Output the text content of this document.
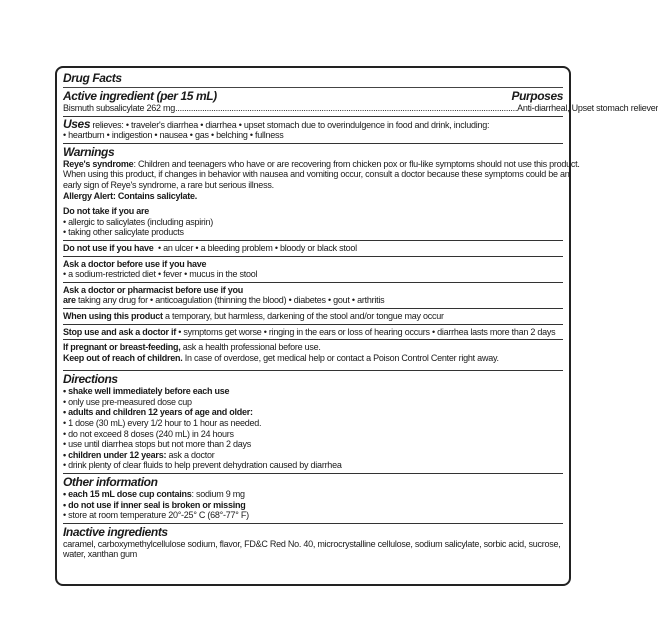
Drug Facts
Active ingredient (per 15 mL)	Purposes
Bismuth subsalicylate 262 mg ........................................................................................................................................................ Anti-diarrheal, Upset stomach reliever
Uses relieves: • traveler's diarrhea • diarrhea • upset stomach due to overindulgence in food and drink, including:
• heartburn • indigestion • nausea • gas • belching • fullness
Warnings
Reye's syndrome: Children and teenagers who have or are recovering from chicken pox or flu-like symptoms should not use this product.
When using this product, if changes in behavior with nausea and vomiting occur, consult a doctor because these symptoms could be an
early sign of Reye's syndrome, a rare but serious illness.
Allergy Alert: Contains salicylate.
Do not take if you are
• allergic to salicylates (including aspirin)
• taking other salicylate products
Do not use if you have  • an ulcer • a bleeding problem • bloody or black stool
Ask a doctor before use if you have
• a sodium-restricted diet • fever • mucus in the stool
Ask a doctor or pharmacist before use if you
are taking any drug for • anticoagulation (thinning the blood) • diabetes • gout • arthritis
When using this product a temporary, but harmless, darkening of the stool and/or tongue may occur
Stop use and ask a doctor if • symptoms get worse • ringing in the ears or loss of hearing occurs • diarrhea lasts more than 2 days
If pregnant or breast-feeding, ask a health professional before use.
Keep out of reach of children. In case of overdose, get medical help or contact a Poison Control Center right away.
Directions
• shake well immediately before each use
• only use pre-measured dose cup
• adults and children 12 years of age and older:
• 1 dose (30 mL) every 1/2 hour to 1 hour as needed.
• do not exceed 8 doses (240 mL) in 24 hours
• use until diarrhea stops but not more than 2 days
• children under 12 years: ask a doctor
• drink plenty of clear fluids to help prevent dehydration caused by diarrhea
Other information
• each 15 mL dose cup contains: sodium 9 mg
• do not use if inner seal is broken or missing
• store at room temperature 20°-25° C (68°-77° F)
Inactive ingredients
caramel, carboxymethylcellulose sodium, flavor, FD&C Red No. 40, microcrystalline cellulose, sodium salicylate, sorbic acid, sucrose,
water, xanthan gum
